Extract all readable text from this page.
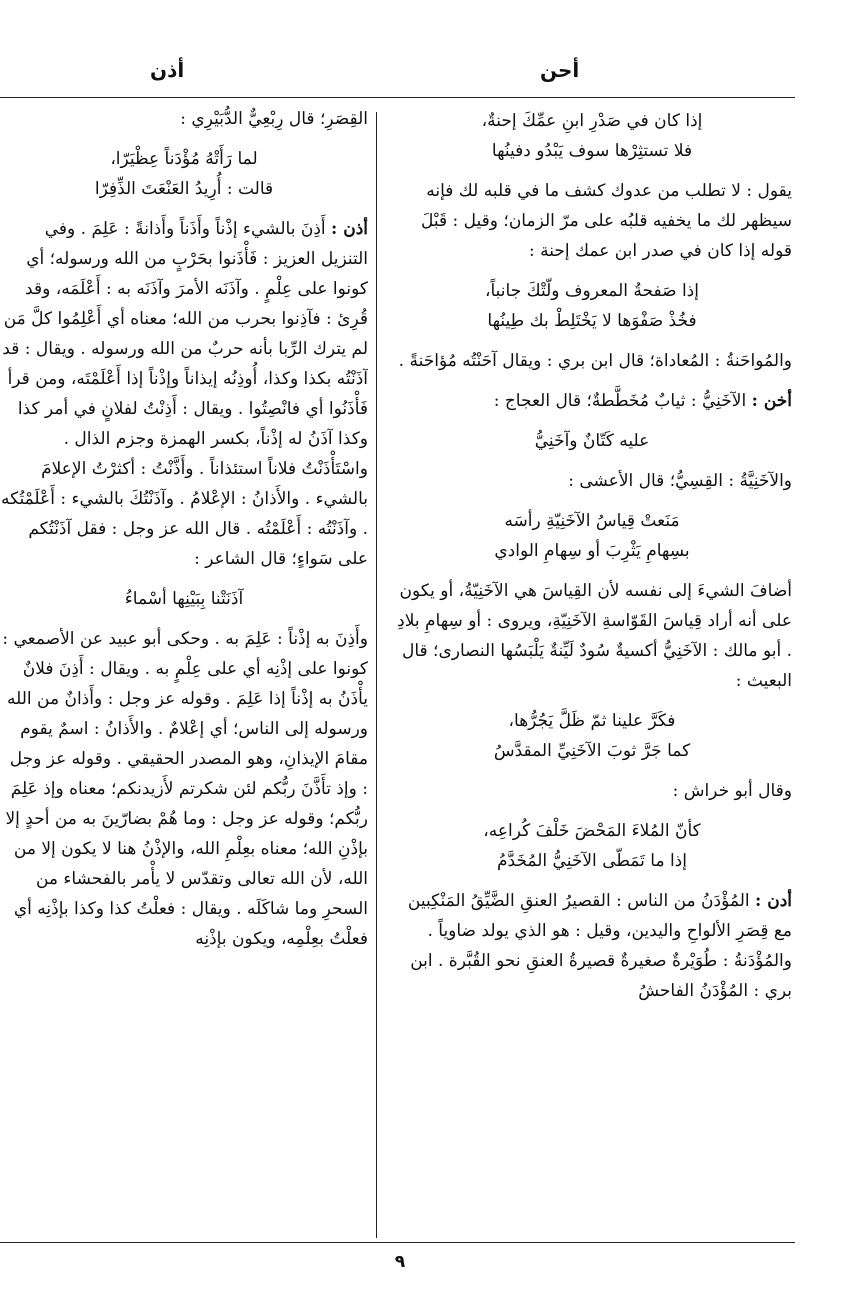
أحن
أذن
إذا كان في صَدْرِ ابنِ عمِّكَ إحنةٌ،
فلا تستثِرْها سوف يَبْدُو دفينُها

يقول : لا تطلب من عدوك كشف ما في قلبه لك فإنه سيظهر لك ما يخفيه قلبُه على مرّ الزمان؛ وقيل : قَبْلَ قوله إذا كان في صدر ابن عمك إحنة :

إذا صَفحةُ المعروف ولّتْكَ جانباً،
فخُذْ صَفْوَها لا يَخْتَلِطْ بك طِينُها

والمُواحَنةُ : المُعاداة؛ قال ابن بري : ويقال آحَنْتُه مُؤاحَنةً .

أخن : الآخَنِيُّ : ثيابٌ مُخَطَّطةٌ؛ قال العجاج :

عليه كَتّانٌ وآخَنِيُّ

والآخَنِيَّةُ : القِسِيُّ؛ قال الأعشى :

مَنَعتْ قِياسُ الآخَنِيّةِ رأسَه
بسِهامِ يَثْرِبَ أو سِهامِ الوادي

أضافَ الشيءَ إلى نفسه لأن القِياسَ هي الآخَنِيّةُ، أو يكون على أنه أراد قِياسَ القَوّاسةِ الآخَنِيّةِ، ويروى : أو سِهامِ بلادِ . أبو مالك : الآخَنِيُّ أكسيةٌ سُودٌ لَيِّنةٌ يَلْبَسُها النصارى؛ قال البعيث :

فكَرَّ علينا ثمّ ظَلَّ يَجُرُّها،
كما جَرَّ ثوبَ الآخَنِيِّ المقدَّسُ

وقال أبو خراش :

كأنّ المُلاءَ المَحْضَ خَلْفَ كُراعِه،
إذا ما تَمَطّى الآخَنِيُّ المُخَدَّمُ

أدن : المُؤْدَنُ من الناس : القصيرُ العنقِ الضَّيِّقُ المَنْكِبين مع قِصَرِ الألواحِ واليدين، وقيل : هو الذي يولد ضاوياً . والمُؤْدَنةُ : طُوَيْرةٌ صغيرةٌ قصيرةُ العنقِ نحو القُبَّرة . ابن بري : المُؤْدَنُ الفاحشُ

القِصَرِ؛ قال رِبْعِيٌّ الدُّبَيْرِي :

لما رَأَتْهُ مُؤْدَناً عِظْيَرّا،
قالت : أُرِيدُ العَنْعَتَ الذِّفِرّا

أذن : أَذِنَ بالشيء إذْناً وأَذَناً وأَذانةً : عَلِمَ . وفي التنزيل العزيز : فَأْذَنوا بحَرْبٍ من الله ورسوله؛ أي كونوا على عِلْمٍ . وآذَنَه الأمرَ وآذَنَه به : أَعْلَمَه، وقد قُرِئ : فآذِنوا بحرب من الله؛ معناه أي أَعْلِمُوا كلَّ مَن لم يترك الرِّبا بأنه حربٌ من الله ورسوله . ويقال : قد آذَنْتُه بكذا وكذا، أُوذِنُه إيذاناً وإذْناً إذا أَعْلَمْتَه، ومن قرأ فَأْذَنُوا أي فانْصِتُوا . ويقال : أَذِنْتُ لفلانٍ في أمر كذا وكذا آذَنُ له إذْناً، بكسر الهمزة وجزم الذال . واسْتَأْذَنْتُ فلاناً استئذاناً . وأَذَّنْتُ : أكثرْتُ الإعلامَ بالشيء . والأَذانُ : الإعْلامُ . وآذَنْتُكَ بالشيء : أَعْلَمْتُكه . وآذَنْتُه : أَعْلَمْتُه . قال الله عز وجل : فقل آذَنْتُكم على سَواءٍ؛ قال الشاعر :

آذَنَتْنا بِبَيْنِها أسْماءُ

وأَذِنَ به إذْناً : عَلِمَ به . وحكى أبو عبيد عن الأصمعي : كونوا على إذْنِه أي على عِلْمٍ به . ويقال : أَذِنَ فلانٌ يأْذَنُ به إذْناً إذا عَلِمَ . وقوله عز وجل : وأَذانٌ من الله ورسوله إلى الناس؛ أي إعْلامٌ . والأَذانُ : اسمٌ يقوم مقامَ الإيذانِ، وهو المصدر الحقيقي . وقوله عز وجل : وإذ تأَذَّنَ ربُّكم لئن شكرتم لأَزيدنكم؛ معناه وإذ عَلِمَ ربُّكم؛ وقوله عز وجل : وما هُمْ بضارّينَ به من أحدٍ إلا بإذْنِ الله؛ معناه بعِلْمِ الله، والإذْنُ هنا لا يكون إلا من الله، لأن الله تعالى وتقدّس لا يأْمر بالفحشاء من السحرِ وما شاكَلَه . ويقال : فعلْتُ كذا وكذا بإذْنِه أي فعلْتُ بعِلْمِه، ويكون بإذْنِه

٩
